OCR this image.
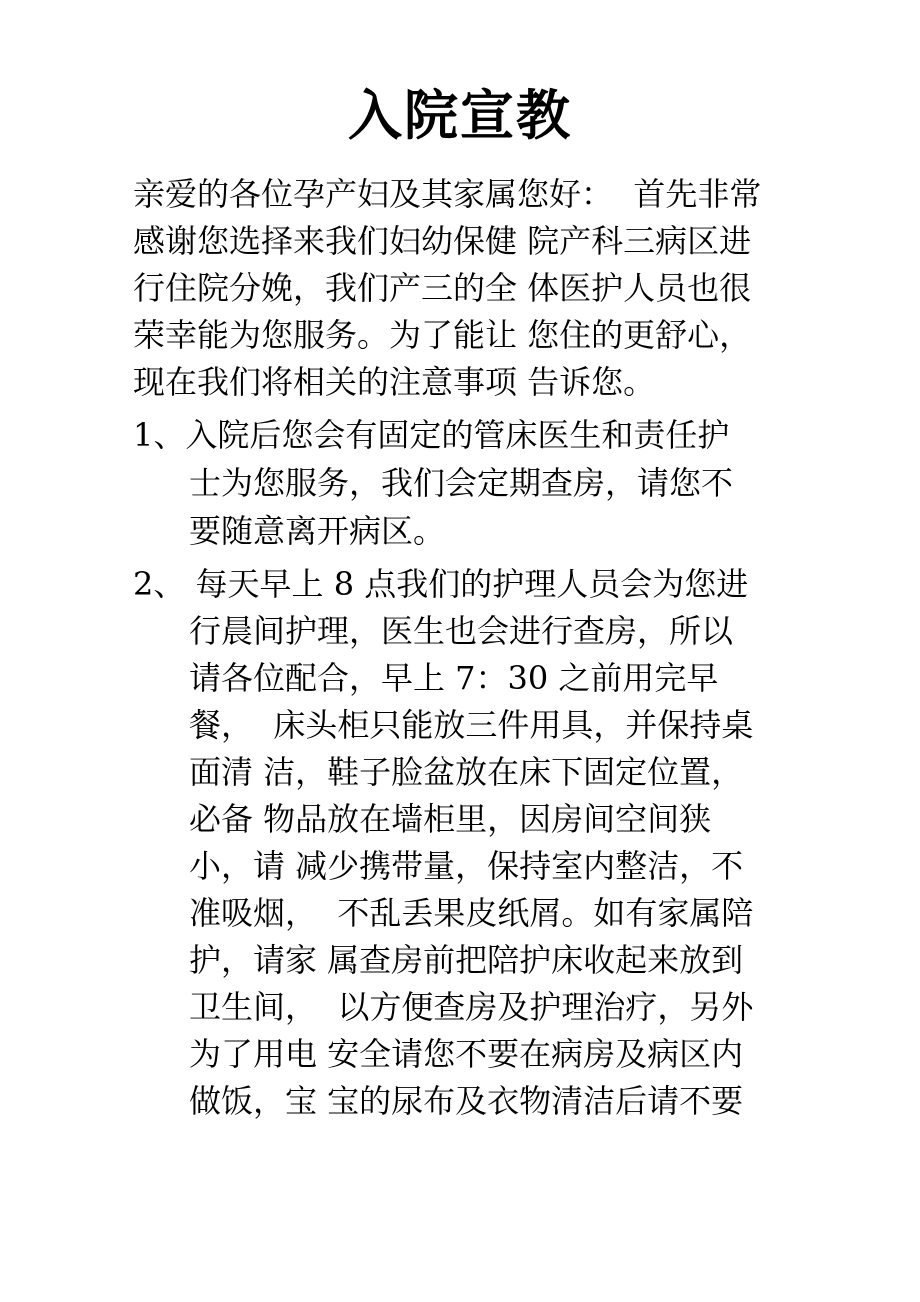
入院宣教

亲爱的各位孕产妇及其家属您好：  首先非常

感谢您选择来我们妇幼保健 院产科三病区进

行住院分娩，我们产三的全 体医护人员也很

荣幸能为您服务。为了能让 您住的更舒心，

现在我们将相关的注意事项 告诉您。

1、入院后您会有固定的管床医生和责任护

士为您服务，我们会定期查房，请您不

要随意离开病区。

2、 每天早上 8 点我们的护理人员会为您进

行晨间护理，医生也会进行查房，所以

请各位配合，早上 7：30 之前用完早

餐，  床头柜只能放三件用具，并保持桌

面清 洁，鞋子脸盆放在床下固定位置，

必备 物品放在墙柜里，因房间空间狭

小，请 减少携带量，保持室内整洁，不

准吸烟，  不乱丢果皮纸屑。如有家属陪

护，请家 属查房前把陪护床收起来放到

卫生间，  以方便查房及护理治疗，另外

为了用电 安全请您不要在病房及病区内

做饭，宝 宝的尿布及衣物清洁后请不要
